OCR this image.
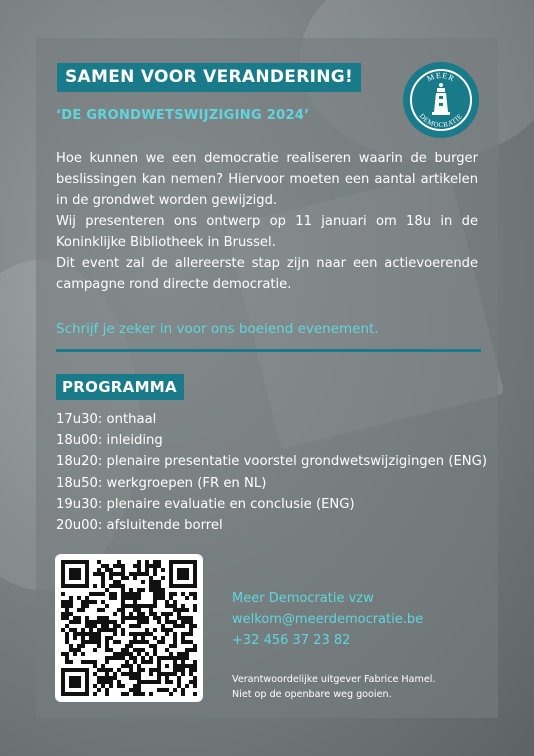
SAMEN VOOR VERANDERING!
‘DE GRONDWETSWIJZIGING 2024’
MEER
DEMOCRATIE

Hoe kunnen we een democratie realiseren waarin de burger beslissingen kan nemen? Hiervoor moeten een aantal artikelen in de grondwet worden gewijzigd.

Wij presenteren ons ontwerp op 11 januari om 18u in de Koninklijke Bibliotheek in Brussel.

Dit event zal de allereerste stap zijn naar een actievoerende campagne rond directe democratie.

Schrijf je zeker in voor ons boeiend evenement.
PROGRAMMA
17u30: onthaal
18u00: inleiding
18u20: plenaire presentatie voorstel grondwetswijzigingen (ENG)
18u50: werkgroepen (FR en NL)
19u30: plenaire evaluatie en conclusie (ENG)
20u00: afsluitende borrel
Meer Democratie vzw
welkom@meerdemocratie.be
+32 456 37 23 82
Verantwoordelijke uitgever Fabrice Hamel.
Niet op de openbare weg gooien.
